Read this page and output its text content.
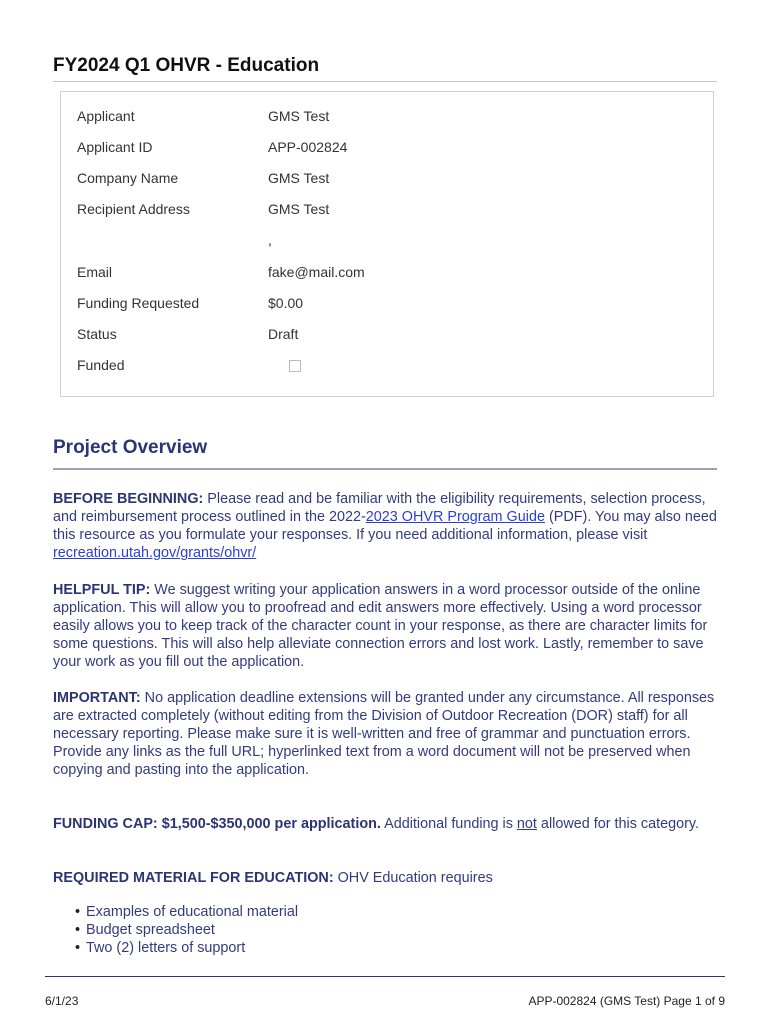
FY2024 Q1 OHVR - Education
Applicant	GMS Test
Applicant ID	APP-002824
Company Name	GMS Test
Recipient Address	GMS Test
,
Email	fake@mail.com
Funding Requested	$0.00
Status	Draft
Funded
Project Overview
BEFORE BEGINNING: Please read and be familiar with the eligibility requirements, selection process, and reimbursement process outlined in the 2022-2023 OHVR Program Guide (PDF). You may also need this resource as you formulate your responses. If you need additional information, please visit recreation.utah.gov/grants/ohvr/
HELPFUL TIP: We suggest writing your application answers in a word processor outside of the online application. This will allow you to proofread and edit answers more effectively. Using a word processor easily allows you to keep track of the character count in your response, as there are character limits for some questions. This will also help alleviate connection errors and lost work. Lastly, remember to save your work as you fill out the application.
IMPORTANT: No application deadline extensions will be granted under any circumstance. All responses are extracted completely (without editing from the Division of Outdoor Recreation (DOR) staff) for all necessary reporting. Please make sure it is well-written and free of grammar and punctuation errors. Provide any links as the full URL; hyperlinked text from a word document will not be preserved when copying and pasting into the application.
FUNDING CAP: $1,500-$350,000 per application. Additional funding is not allowed for this category.
REQUIRED MATERIAL FOR EDUCATION: OHV Education requires
• Examples of educational material
• Budget spreadsheet
• Two (2) letters of support
6/1/23	APP-002824 (GMS Test) Page 1 of 9
